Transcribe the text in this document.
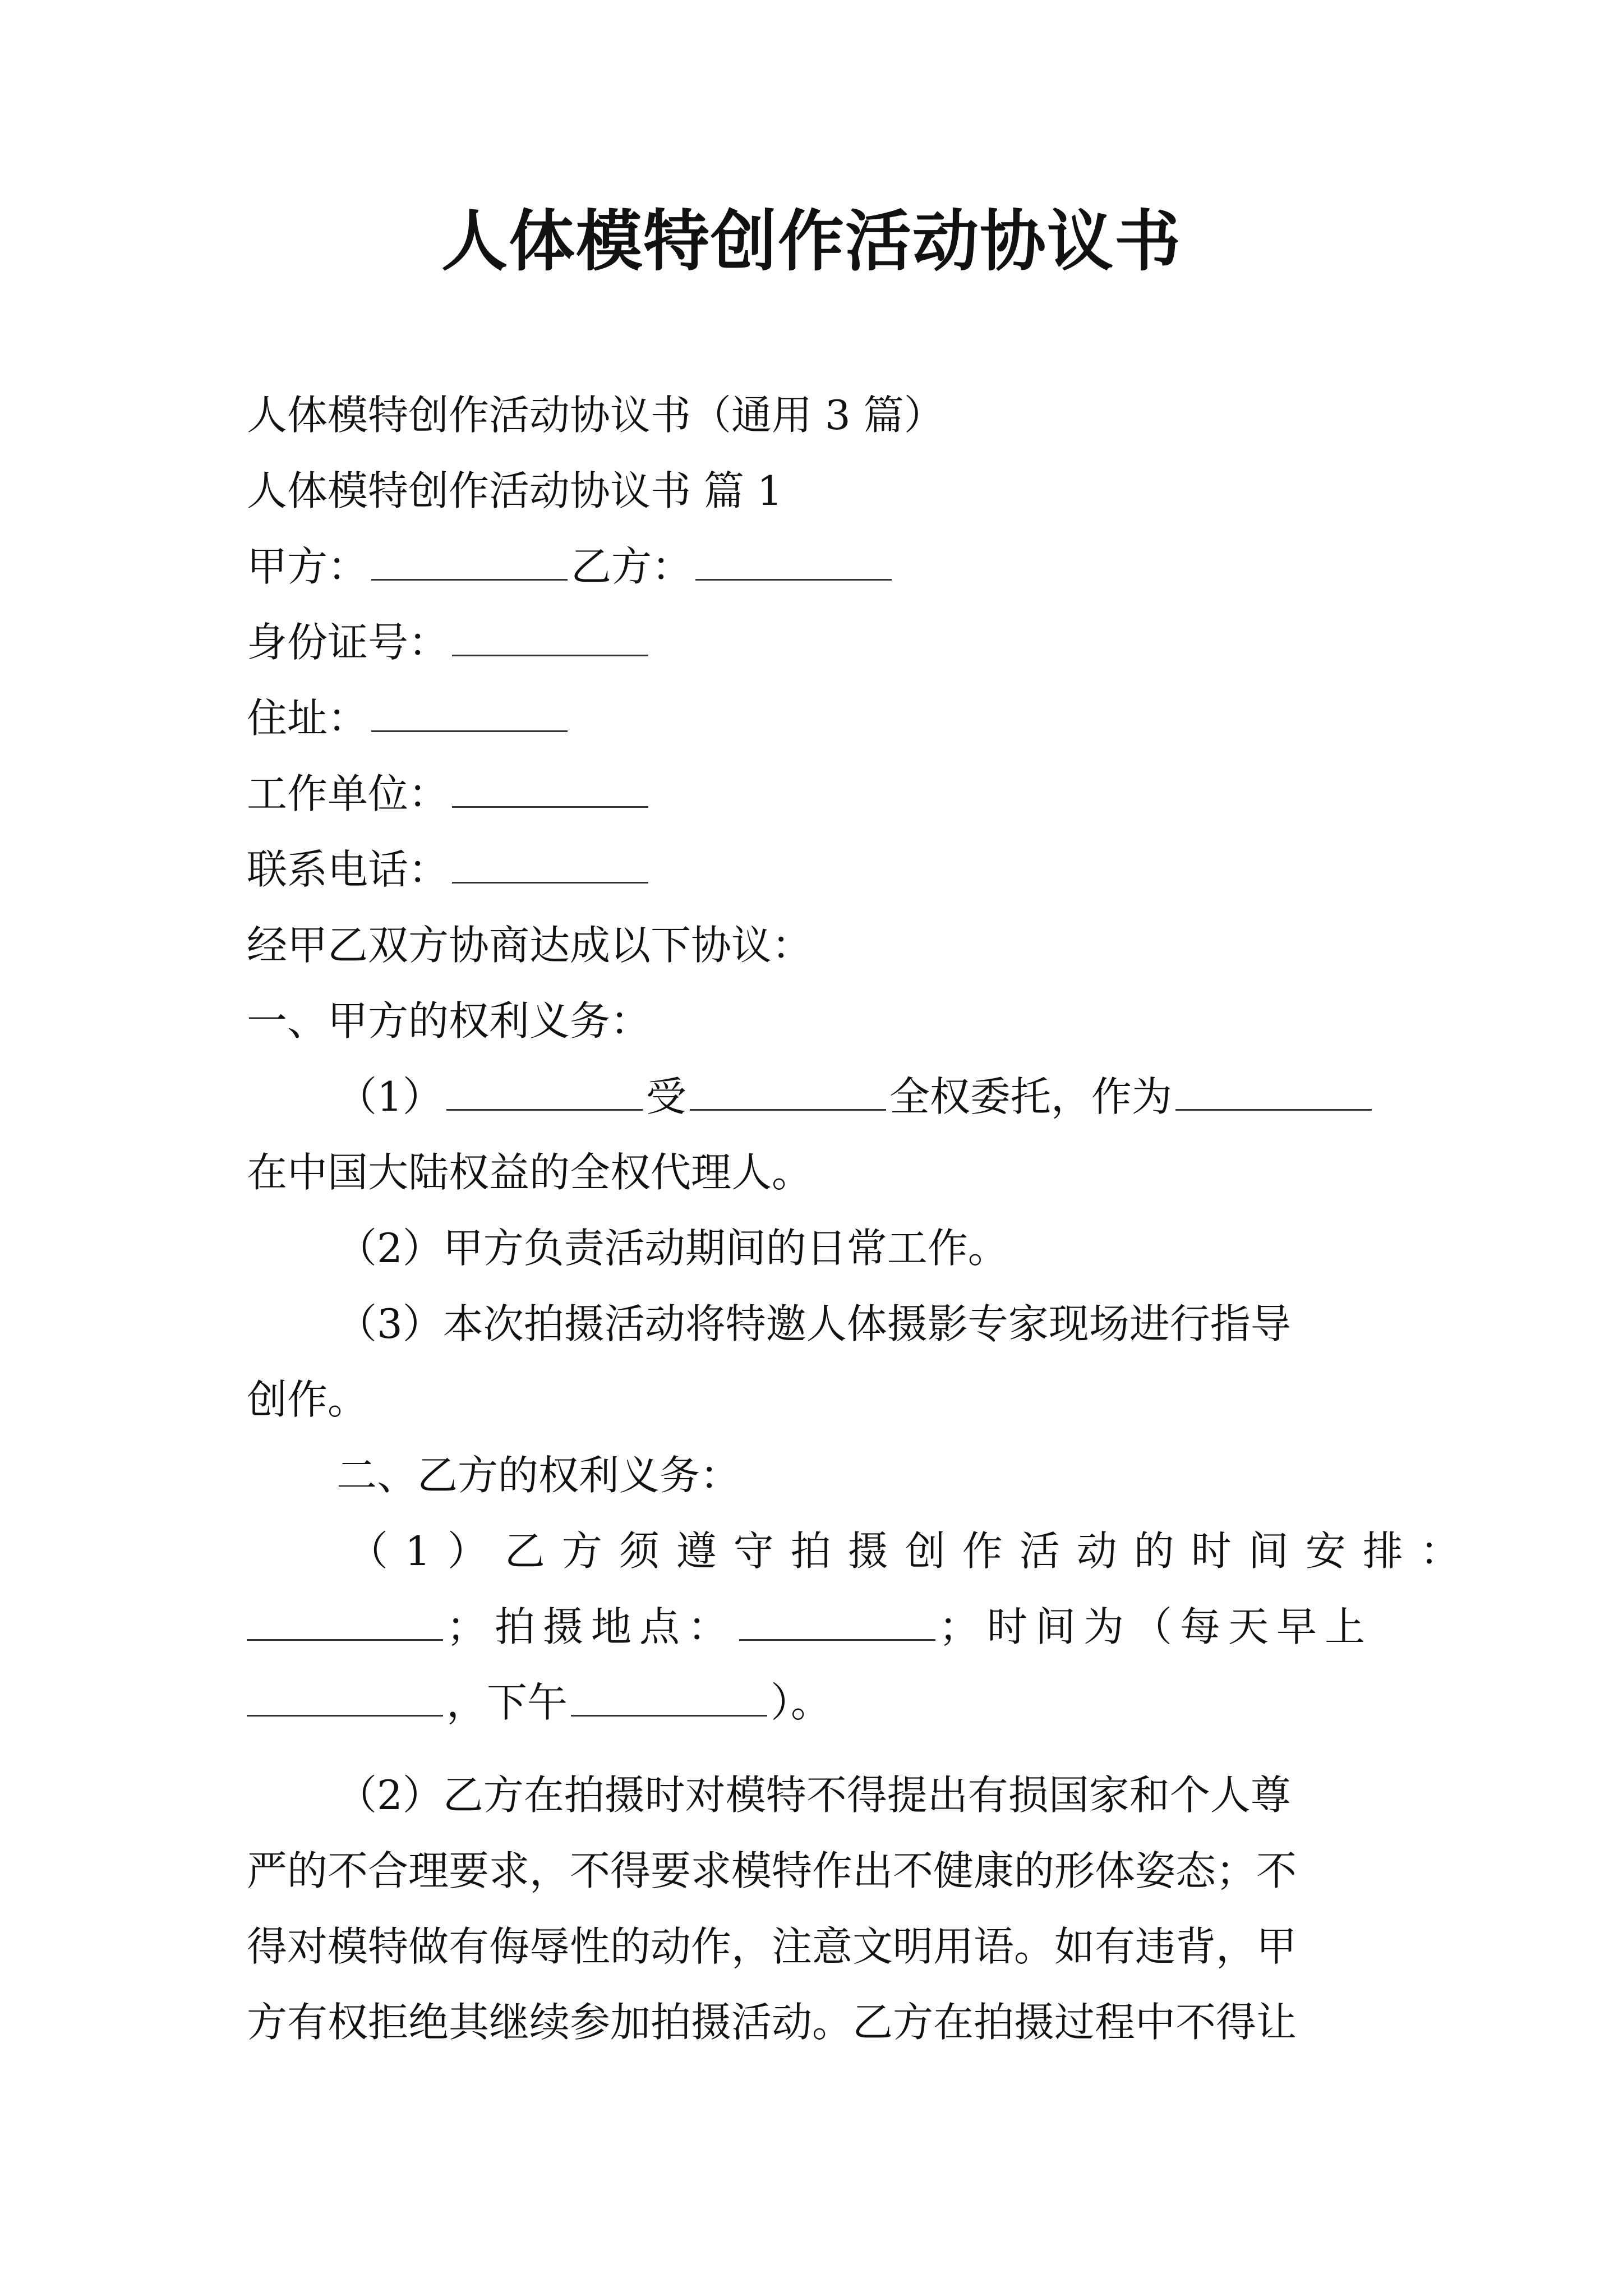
人体模特创作活动协议书
人体模特创作活动协议书（通用 3 篇）
人体模特创作活动协议书 篇 1
甲方：	乙方：
身份证号：
住址：
工作单位：
联系电话：
经甲乙双方协商达成以下协议：
一、甲方的权利义务：
（1）	受	全权委托，作为
在中国大陆权益的全权代理人。
（2）甲方负责活动期间的日常工作。
（3）本次拍摄活动将特邀人体摄影专家现场进行指导
创作。
二、乙方的权利义务：
（1）乙方须遵守拍摄创作活动的时间安排：
；拍摄地点：	；时间为（每天早上
，下午	）。
（2）乙方在拍摄时对模特不得提出有损国家和个人尊
严的不合理要求，不得要求模特作出不健康的形体姿态；不
得对模特做有侮辱性的动作，注意文明用语。如有违背，甲
方有权拒绝其继续参加拍摄活动。乙方在拍摄过程中不得让
